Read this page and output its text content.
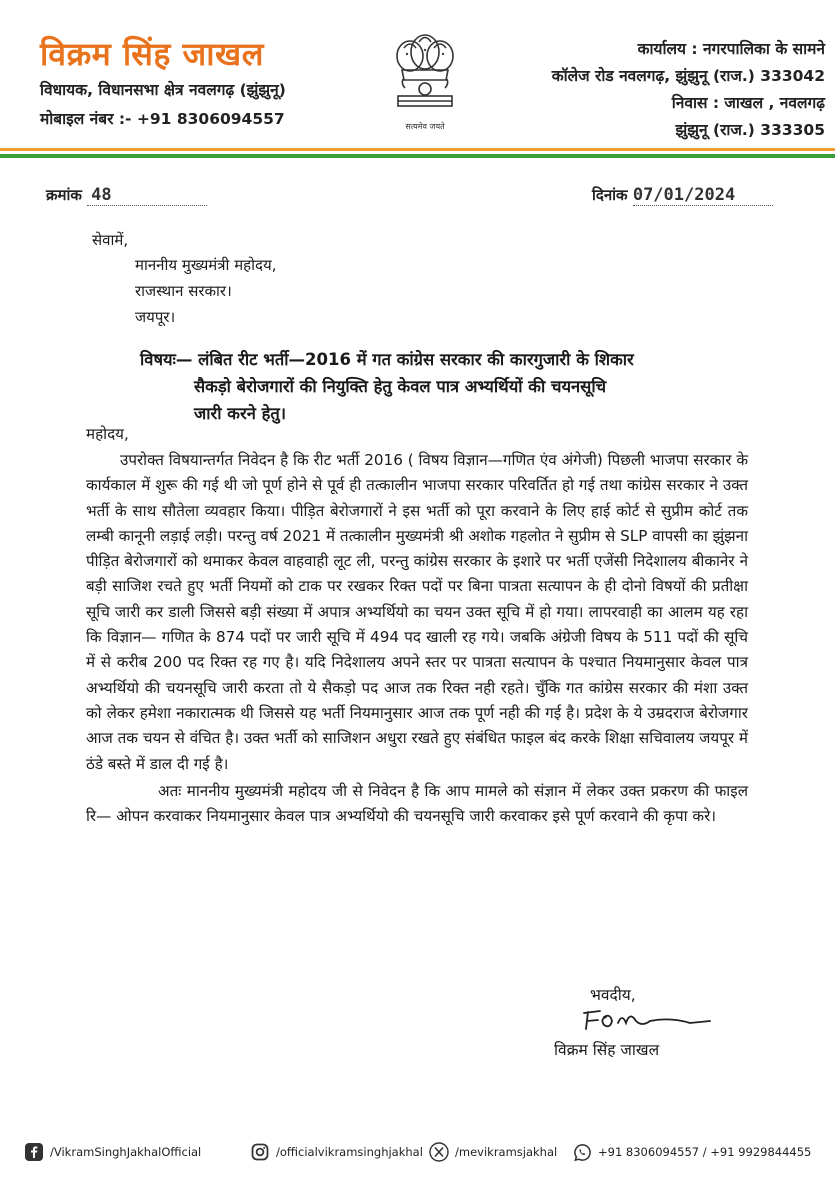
विक्रम सिंह जाखल
विधायक, विधानसभा क्षेत्र नवलगढ़ (झुंझुनू)
मोबाइल नंबर :- +91 8306094557	सत्यमेव जयते
कार्यालय : नगरपालिका के सामने
कॉलेज रोड नवलगढ़, झुंझुनू (राज.) 333042
निवास : जाखल , नवलगढ़
झुंझुनू (राज.) 333305
क्रमांक 48	दिनांक 07/01/2024
सेवामें,
माननीय मुख्यमंत्री महोदय,
राजस्थान सरकार।
जयपूर।
विषयः— लंबित रीट भर्ती—2016 में गत कांग्रेस सरकार की कारगुजारी के शिकार
सैकड़ो बेरोजगारों की नियुक्ति हेतु केवल पात्र अभ्यर्थियों की चयनसूचि
जारी करने हेतु।
महोदय,

उपरोक्त विषयान्तर्गत निवेदन है कि रीट भर्ती 2016 ( विषय विज्ञान—गणित एंव अंगेजी) पिछली भाजपा सरकार के कार्यकाल में शुरू की गई थी जो पूर्ण होने से पूर्व ही तत्कालीन भाजपा सरकार परिवर्तित हो गई तथा कांग्रेस सरकार ने उक्त भर्ती के साथ सौतेला व्यवहार किया। पीड़ित बेरोजगारों ने इस भर्ती को पूरा करवाने के लिए हाई कोर्ट से सुप्रीम कोर्ट तक लम्बी कानूनी लड़ाई लड़ी। परन्तु वर्ष 2021 में तत्कालीन मुख्यमंत्री श्री अशोक गहलोत ने सुप्रीम से SLP वापसी का झुंझना पीड़ित बेरोजगारों को थमाकर केवल वाहवाही लूट ली, परन्तु कांग्रेस सरकार के इशारे पर भर्ती एजेंसी निदेशालय बीकानेर ने बड़ी साजिश रचते हुए भर्ती नियमों को टाक पर रखकर रिक्त पदों पर बिना पात्रता सत्यापन के ही दोनो विषयों की प्रतीक्षा सूचि जारी कर डाली जिससे बड़ी संख्या में अपात्र अभ्यर्थियो का चयन उक्त सूचि में हो गया। लापरवाही का आलम यह रहा कि विज्ञान— गणित के 874 पदों पर जारी सूचि में 494 पद खाली रह गये। जबकि अंग्रेजी विषय के 511 पदों की सूचि में से करीब 200 पद रिक्त रह गए है। यदि निदेशालय अपने स्तर पर पात्रता सत्यापन के पश्चात नियमानुसार केवल पात्र अभ्यर्थियो की चयनसूचि जारी करता तो ये सैकड़ो पद आज तक रिक्त नही रहते। चुँकि गत कांग्रेस सरकार की मंशा उक्त को लेकर हमेशा नकारात्मक थी जिससे यह भर्ती नियमानुसार आज तक पूर्ण नही की गई है। प्रदेश के ये उम्रदराज बेरोजगार आज तक चयन से वंचित है। उक्त भर्ती को साजिशन अधुरा रखते हुए संबंधित फाइल बंद करके शिक्षा सचिवालय जयपूर में ठंडे बस्ते में डाल दी गई है।

अतः माननीय मुख्यमंत्री महोदय जी से निवेदन है कि आप मामले को संज्ञान में लेकर उक्त प्रकरण की फाइल रि— ओपन करवाकर नियमानुसार केवल पात्र अभ्यर्थियो की चयनसूचि जारी करवाकर इसे पूर्ण करवाने की कृपा करे।

भवदीय,
विक्रम सिंह जाखल
/VikramSinghJakhalOfficial	/officialvikramsinghjakhal	/mevikramsjakhal	+91 8306094557 / +91 9929844455
